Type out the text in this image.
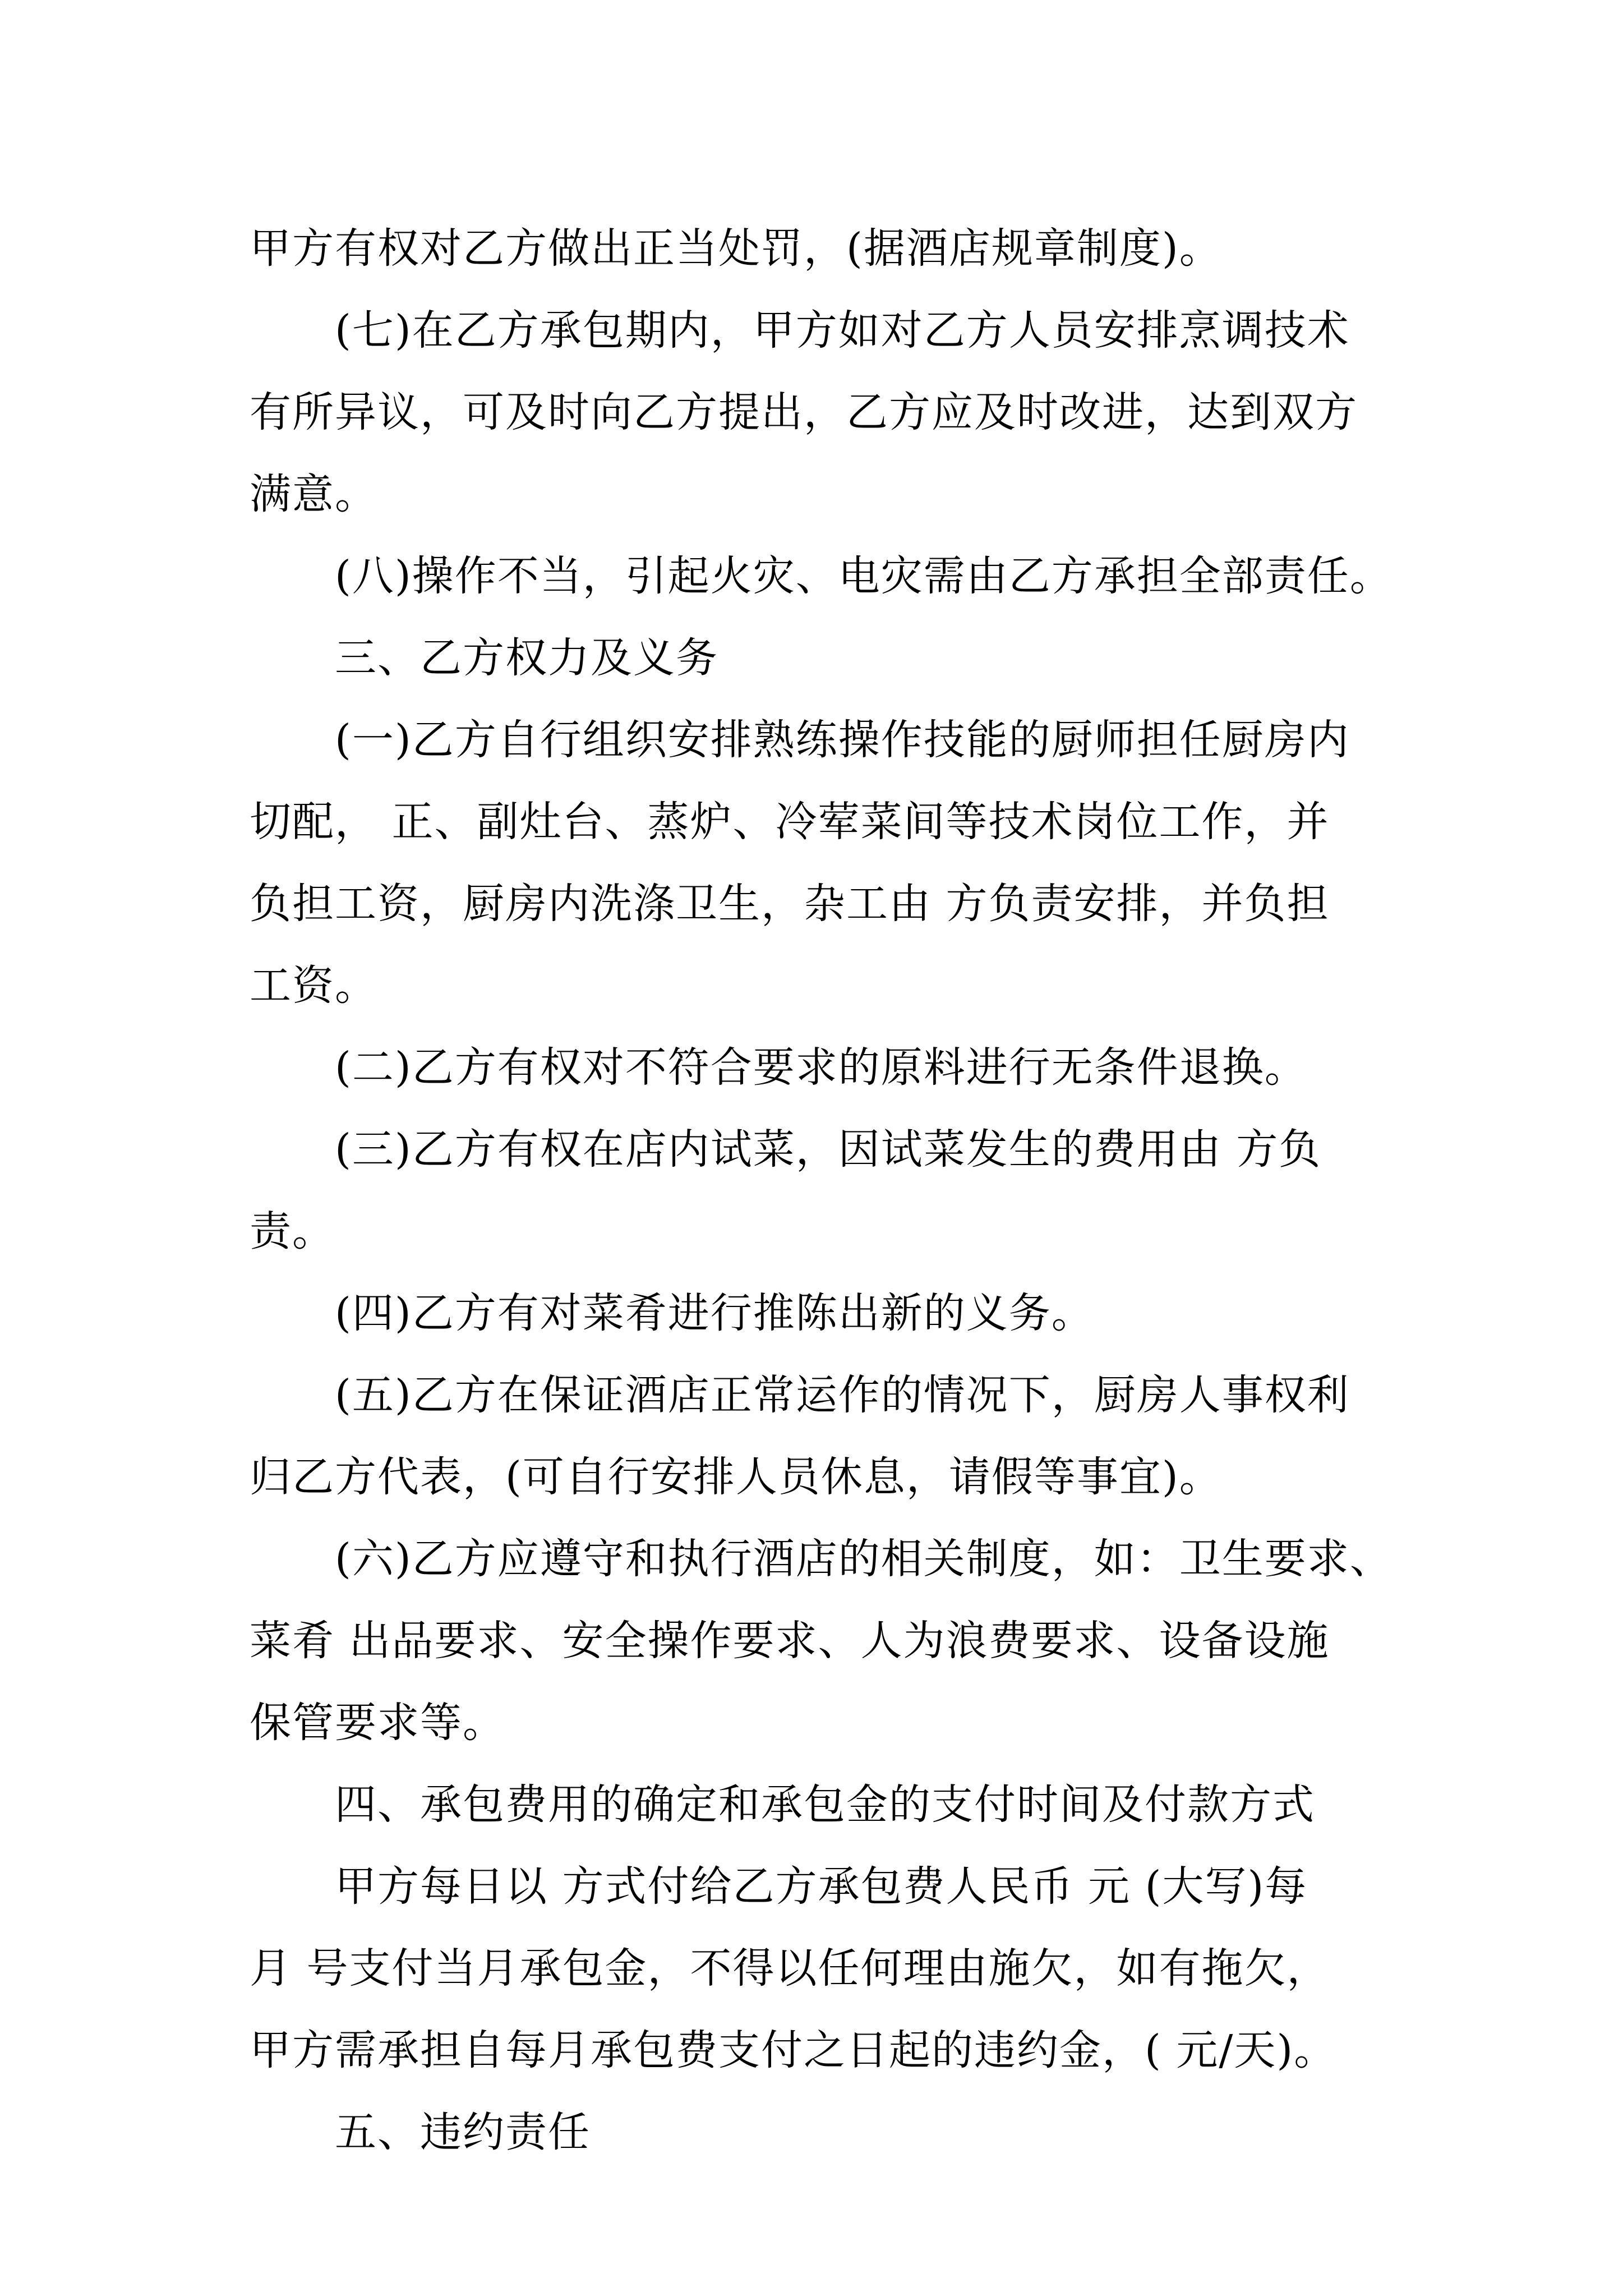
甲方有权对乙方做出正当处罚，(据酒店规章制度)。
(七)在乙方承包期内，甲方如对乙方人员安排烹调技术
有所异议，可及时向乙方提出，乙方应及时改进，达到双方
满意。
(八)操作不当，引起火灾、电灾需由乙方承担全部责任。
三、乙方权力及义务
(一)乙方自行组织安排熟练操作技能的厨师担任厨房内
切配， 正、副灶台、蒸炉、冷荤菜间等技术岗位工作，并
负担工资，厨房内洗涤卫生，杂工由 方负责安排，并负担
工资。
(二)乙方有权对不符合要求的原料进行无条件退换。
(三)乙方有权在店内试菜，因试菜发生的费用由 方负
责。
(四)乙方有对菜肴进行推陈出新的义务。
(五)乙方在保证酒店正常运作的情况下，厨房人事权利
归乙方代表，(可自行安排人员休息，请假等事宜)。
(六)乙方应遵守和执行酒店的相关制度，如：卫生要求、
菜肴 出品要求、安全操作要求、人为浪费要求、设备设施
保管要求等。
四、承包费用的确定和承包金的支付时间及付款方式
甲方每日以 方式付给乙方承包费人民币 元 (大写)每
月 号支付当月承包金，不得以任何理由施欠，如有拖欠，
甲方需承担自每月承包费支付之日起的违约金，( 元/天)。
五、违约责任
